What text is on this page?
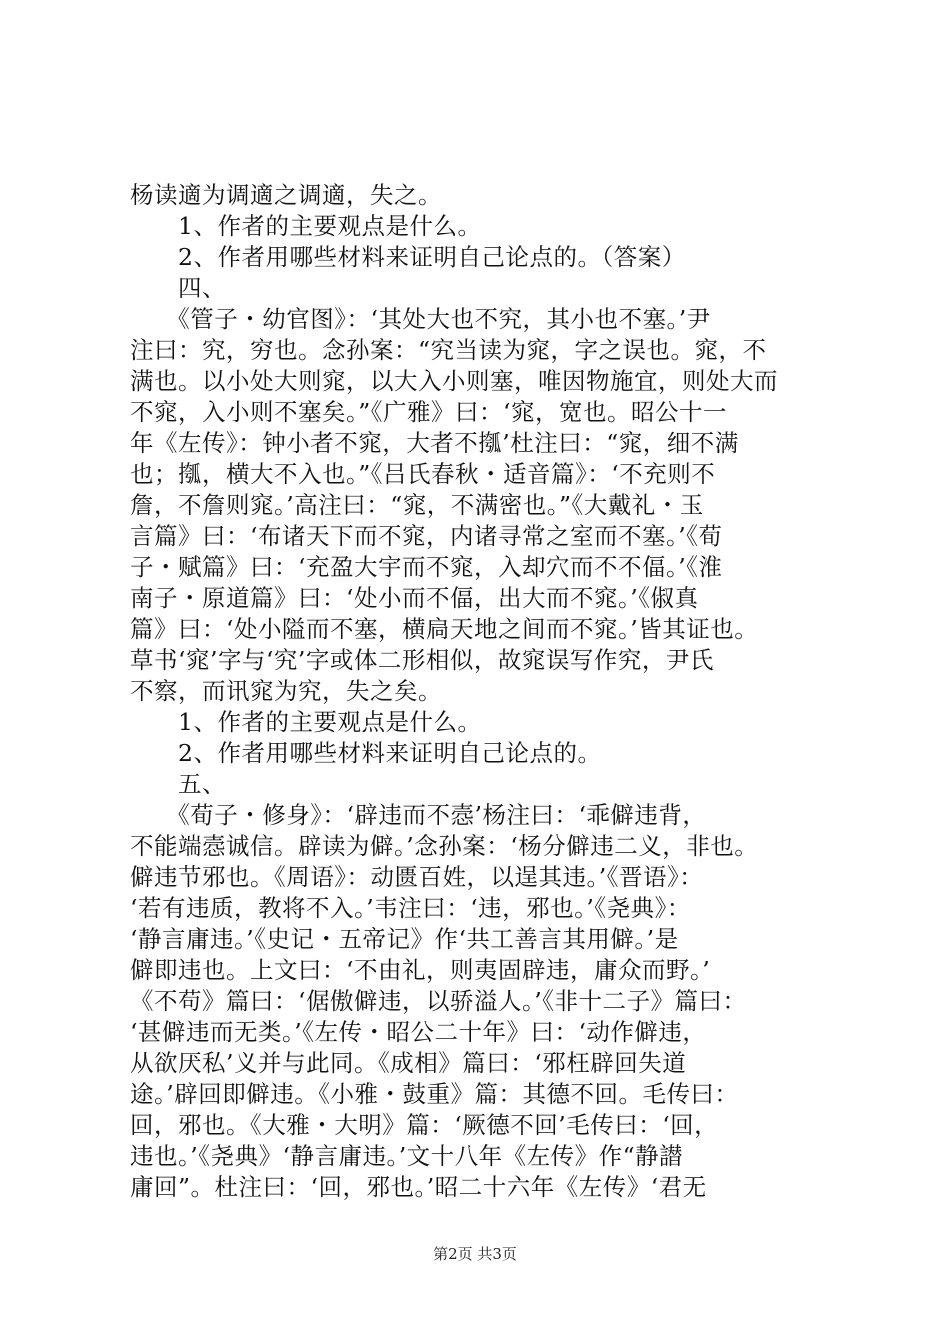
杨读適为调適之调適，失之。
　　1、作者的主要观点是什么。
　　2、作者用哪些材料来证明自己论点的。（答案）
　　四、
　　《管子・幼官图》：‘其处大也不究，其小也不塞。’尹
注曰：究，穷也。念孙案：“究当读为窕，字之误也。窕，不
满也。以小处大则窕，以大入小则塞，唯因物施宜，则处大而
不窕，入小则不塞矣。”《广雅》曰：‘窕，宽也。昭公十一
年《左传》：钟小者不窕，大者不摦’杜注曰：“窕，细不满
也；摦，横大不入也。”《吕氏春秋・适音篇》：‘不充则不
詹，不詹则窕。’高注曰：“窕，不满密也。”《大戴礼・玉
言篇》曰：‘布诸天下而不窕，内诸寻常之室而不塞。’《荀
子・赋篇》曰：‘充盈大宇而不窕，入却穴而不不偪。’《淮
南子・原道篇》曰：‘处小而不偪，出大而不窕。’《俶真
篇》曰：‘处小隘而不塞，横扃天地之间而不窕。’皆其证也。
草书‘窕’字与‘究’字或体二形相似，故窕误写作究，尹氏
不察，而讯窕为究，失之矣。
　　1、作者的主要观点是什么。
　　2、作者用哪些材料来证明自己论点的。
　　五、
　　《荀子・修身》：‘辟违而不悫’杨注曰：‘乖僻违背，
不能端悫诚信。辟读为僻。’念孙案：‘杨分僻违二义，非也。
僻违节邪也。《周语》：动匮百姓，以逞其违。’《晋语》：
‘若有违质，教将不入。’韦注曰：‘违，邪也。’《尧典》：
‘静言庸违。’《史记・五帝记》作‘共工善言其用僻。’是
僻即违也。上文曰：‘不由礼，则夷固辟违，庸众而野。’
《不苟》篇曰：‘倨傲僻违，以骄溢人。’《非十二子》篇曰：
‘甚僻违而无类。’《左传・昭公二十年》曰：‘动作僻违，
从欲厌私’义并与此同。《成相》篇曰：‘邪枉辟回失道
途。’辟回即僻违。《小雅・鼓重》篇：其德不回。毛传曰：
回，邪也。《大雅・大明》篇：‘厥德不回’毛传曰：‘回，
违也。’《尧典》‘静言庸违。’文十八年《左传》作“静譛
庸回”。杜注曰：‘回，邪也。’昭二十六年《左传》‘君无
第2页 共3页
